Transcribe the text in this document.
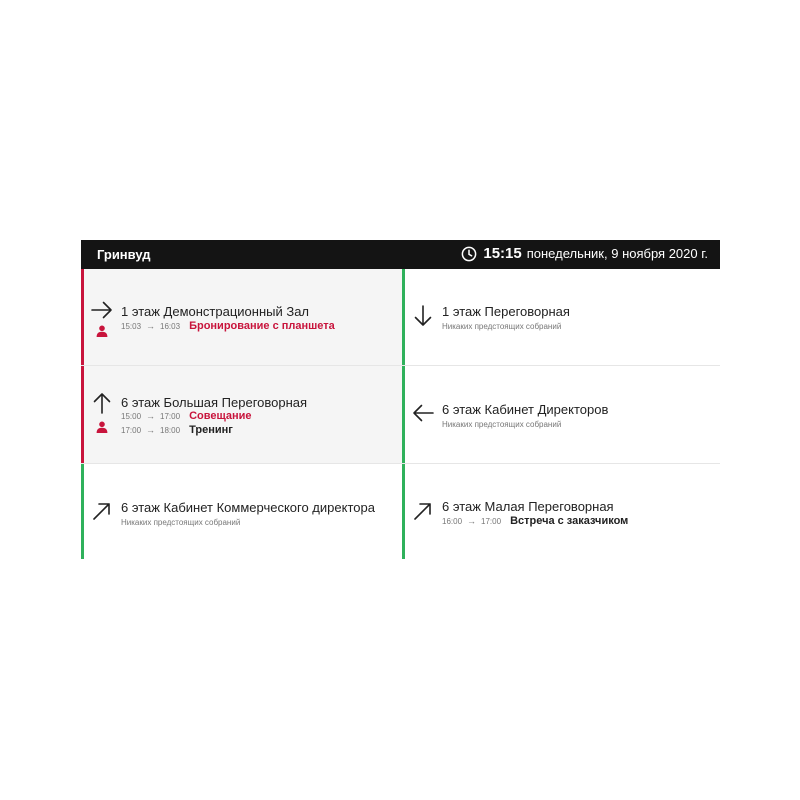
Гринвуд	15:15 понедельник, 9 ноября 2020 г.
1 этаж Демонстрационный Зал
15:03 → 16:03 Бронирование с планшета
1 этаж Переговорная
Никаких предстоящих собраний
6 этаж Большая Переговорная
15:00 → 17:00 Совещание
17:00 → 18:00 Тренинг
6 этаж Кабинет Директоров
Никаких предстоящих собраний
6 этаж Кабинет Коммерческого директора
Никаких предстоящих собраний
6 этаж Малая Переговорная
16:00 → 17:00 Встреча с заказчиком
